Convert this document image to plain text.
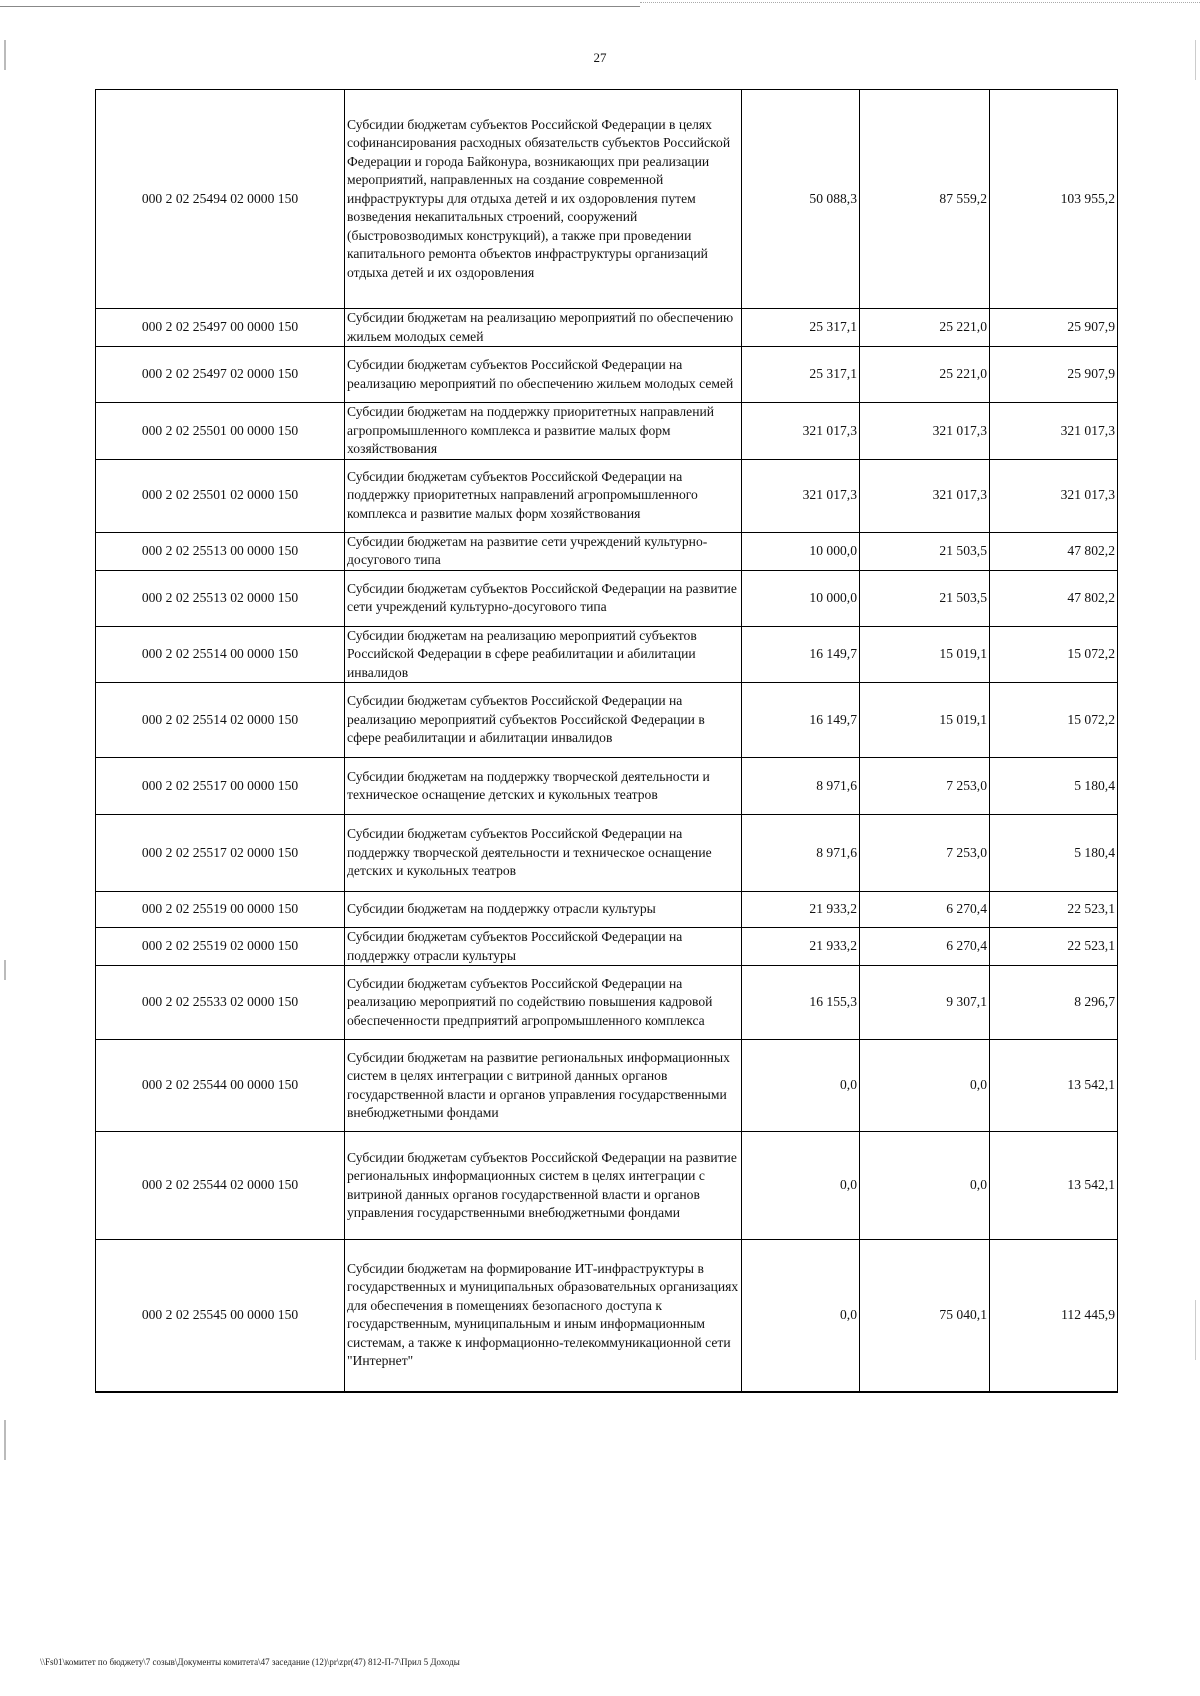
27
000 2 02 25494 02 0000 150	Субсидии бюджетам субъектов Российской Федерации в целях софинансирования расходных обязательств субъектов Российской Федерации и города Байконура, возникающих при реализации мероприятий, направленных на создание современной инфраструктуры для отдыха детей и их оздоровления путем возведения некапитальных строений, сооружений (быстровозводимых конструкций), а также при проведении капитального ремонта объектов инфраструктуры организаций отдыха детей и их оздоровления	50 088,3	87 559,2	103 955,2
000 2 02 25497 00 0000 150	Субсидии бюджетам на реализацию мероприятий по обеспечению жильем молодых семей	25 317,1	25 221,0	25 907,9
000 2 02 25497 02 0000 150	Субсидии бюджетам субъектов Российской Федерации на реализацию мероприятий по обеспечению жильем молодых семей	25 317,1	25 221,0	25 907,9
000 2 02 25501 00 0000 150	Субсидии бюджетам на поддержку приоритетных направлений агропромышленного комплекса и развитие малых форм хозяйствования	321 017,3	321 017,3	321 017,3
000 2 02 25501 02 0000 150	Субсидии бюджетам субъектов Российской Федерации на поддержку приоритетных направлений агропромышленного комплекса и развитие малых форм хозяйствования	321 017,3	321 017,3	321 017,3
000 2 02 25513 00 0000 150	Субсидии бюджетам на развитие сети учреждений культурно-досугового типа	10 000,0	21 503,5	47 802,2
000 2 02 25513 02 0000 150	Субсидии бюджетам субъектов Российской Федерации на развитие сети учреждений культурно-досугового типа	10 000,0	21 503,5	47 802,2
000 2 02 25514 00 0000 150	Субсидии бюджетам на реализацию мероприятий субъектов Российской Федерации в сфере реабилитации и абилитации инвалидов	16 149,7	15 019,1	15 072,2
000 2 02 25514 02 0000 150	Субсидии бюджетам субъектов Российской Федерации на реализацию мероприятий субъектов Российской Федерации в сфере реабилитации и абилитации инвалидов	16 149,7	15 019,1	15 072,2
000 2 02 25517 00 0000 150	Субсидии бюджетам на поддержку творческой деятельности и техническое оснащение детских и кукольных театров	8 971,6	7 253,0	5 180,4
000 2 02 25517 02 0000 150	Субсидии бюджетам субъектов Российской Федерации на поддержку творческой деятельности и техническое оснащение детских и кукольных театров	8 971,6	7 253,0	5 180,4
000 2 02 25519 00 0000 150	Субсидии бюджетам на поддержку отрасли культуры	21 933,2	6 270,4	22 523,1
000 2 02 25519 02 0000 150	Субсидии бюджетам субъектов Российской Федерации на поддержку отрасли культуры	21 933,2	6 270,4	22 523,1
000 2 02 25533 02 0000 150	Субсидии бюджетам субъектов Российской Федерации на реализацию мероприятий по содействию повышения кадровой обеспеченности предприятий агропромышленного комплекса	16 155,3	9 307,1	8 296,7
000 2 02 25544 00 0000 150	Субсидии бюджетам на развитие региональных информационных систем в целях интеграции с витриной данных органов государственной власти и органов управления государственными внебюджетными фондами	0,0	0,0	13 542,1
000 2 02 25544 02 0000 150	Субсидии бюджетам субъектов Российской Федерации на развитие региональных информационных систем в целях интеграции с витриной данных органов государственной власти и органов управления государственными внебюджетными фондами	0,0	0,0	13 542,1
000 2 02 25545 00 0000 150	Субсидии бюджетам на формирование ИТ-инфраструктуры в государственных и муниципальных образовательных организациях для обеспечения в помещениях безопасного доступа к государственным, муниципальным и иным информационным системам, а также к информационно-телекоммуникационной сети "Интернет"	0,0	75 040,1	112 445,9
\\Fs01\комитет по бюджету\7 созыв\Документы комитета\47 заседание (12)\pr\zpr(47) 812-П-7\Прил 5 Доходы
